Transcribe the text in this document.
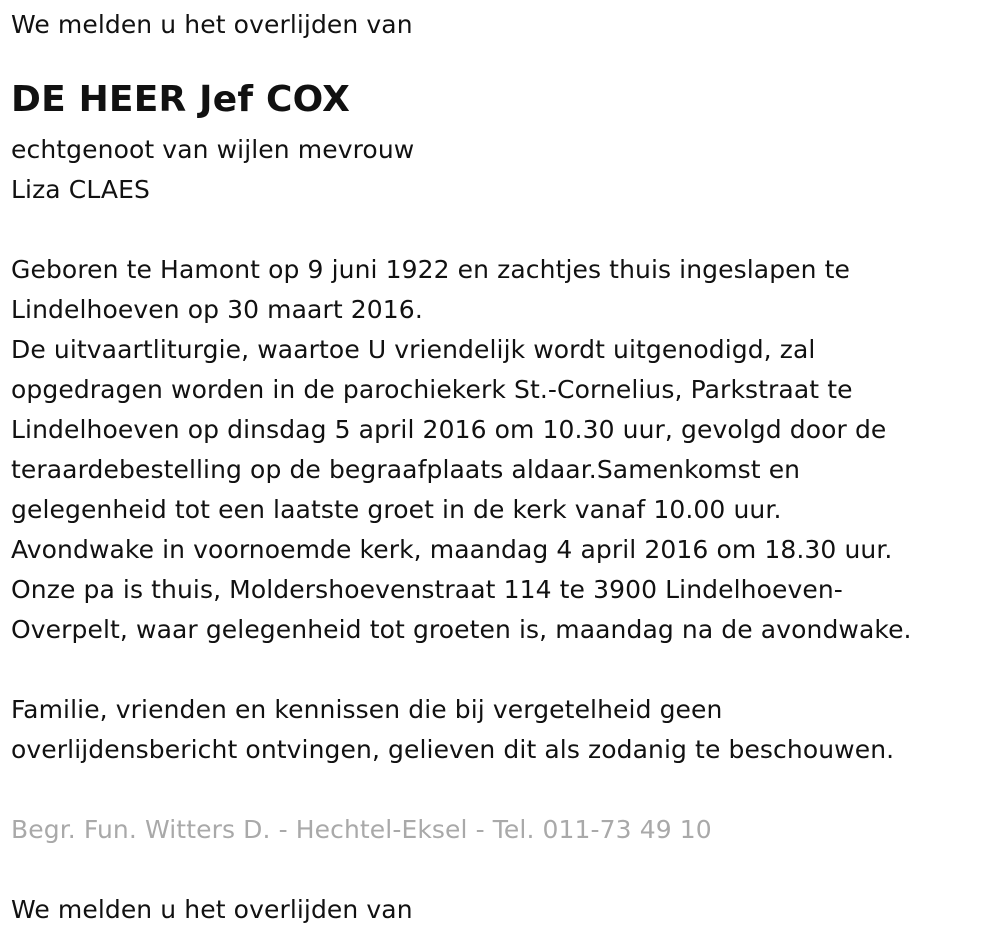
We melden u het overlijden van
DE HEER Jef COX
echtgenoot van wijlen mevrouw
Liza CLAES
Geboren te Hamont op 9 juni 1922 en zachtjes thuis ingeslapen te
Lindelhoeven op 30 maart 2016.
De uitvaartliturgie, waartoe U vriendelijk wordt uitgenodigd, zal
opgedragen worden in de parochiekerk St.-Cornelius, Parkstraat te
Lindelhoeven op dinsdag 5 april 2016 om 10.30 uur, gevolgd door de
teraardebestelling op de begraafplaats aldaar.Samenkomst en
gelegenheid tot een laatste groet in de kerk vanaf 10.00 uur.
Avondwake in voornoemde kerk, maandag 4 april 2016 om 18.30 uur.
Onze pa is thuis, Moldershoevenstraat 114 te 3900 Lindelhoeven-
Overpelt, waar gelegenheid tot groeten is, maandag na de avondwake.
Familie, vrienden en kennissen die bij vergetelheid geen
overlijdensbericht ontvingen, gelieven dit als zodanig te beschouwen.
Begr. Fun. Witters D. - Hechtel-Eksel - Tel. 011-73 49 10
We melden u het overlijden van
